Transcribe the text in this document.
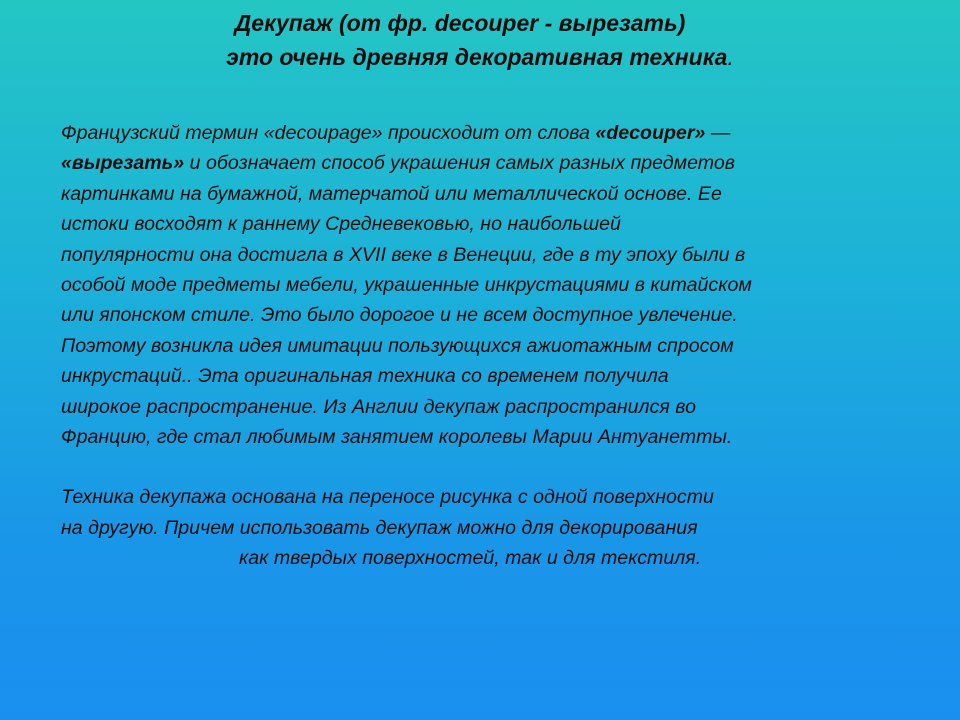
Декупаж (от фр. decouper - вырезать)
это очень древняя декоративная техника.
Французский термин «decoupage» происходит от слова «decouper» —
«вырезать» и обозначает способ украшения самых разных предметов
картинками на бумажной, матерчатой или металлической основе. Ее
истоки восходят к раннему Средневековью, но наибольшей
популярности она достигла в XVII веке в Венеции, где в ту эпоху были в
особой моде предметы мебели, украшенные инкрустациями в китайском
или японском стиле. Это было дорогое и не всем доступное увлечение.
Поэтому возникла идея имитации пользующихся ажиотажным спросом
инкрустаций.. Эта оригинальная техника со временем получила
широкое распространение. Из Англии декупаж распространился во
Францию, где стал любимым занятием королевы Марии Антуанетты.
Техника декупажа основана на переносе рисунка с одной поверхности
на другую. Причем использовать декупаж можно для декорирования
как твердых поверхностей, так и для текстиля.
